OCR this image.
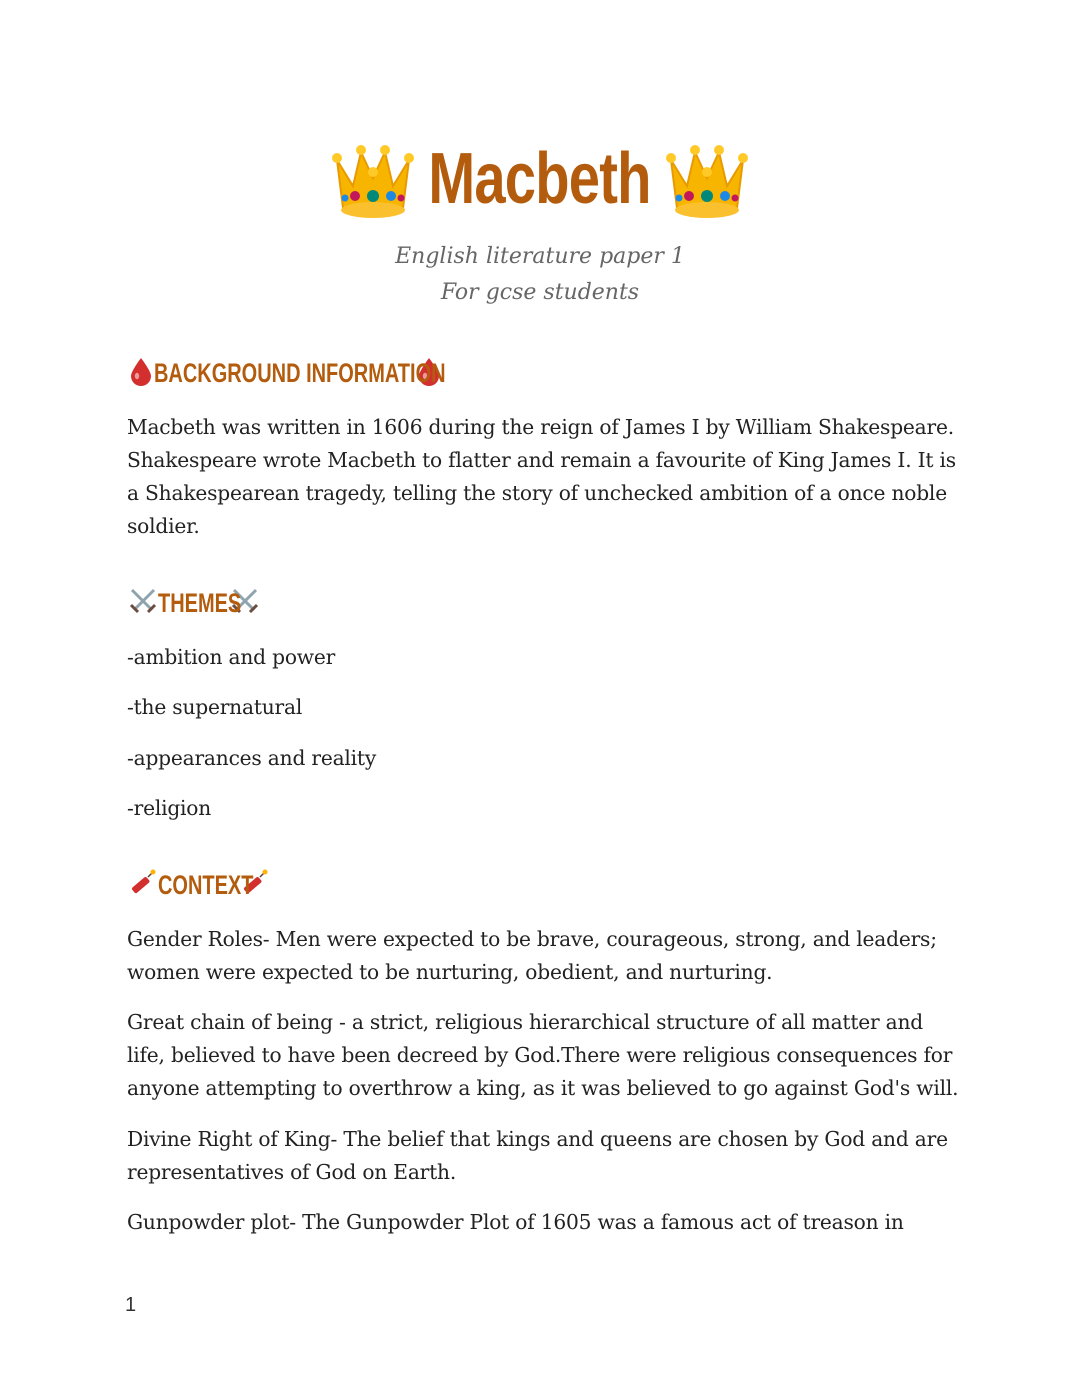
Macbeth
English literature paper 1
For gcse students
BACKGROUND INFORMATION

Macbeth was written in 1606 during the reign of James I by William Shakespeare.
Shakespeare wrote Macbeth to flatter and remain a favourite of King James I. It is
a Shakespearean tragedy, telling the story of unchecked ambition of a once noble
soldier.

THEMES
-ambition and power
-the supernatural
-appearances and reality
-religion
CONTEXT

Gender Roles- Men were expected to be brave, courageous, strong, and leaders;
women were expected to be nurturing, obedient, and nurturing.

Great chain of being - a strict, religious hierarchical structure of all matter and
life, believed to have been decreed by God.There were religious consequences for
anyone attempting to overthrow a king, as it was believed to go against God's will.

Divine Right of King- The belief that kings and queens are chosen by God and are
representatives of God on Earth.

Gunpowder plot- The Gunpowder Plot of 1605 was a famous act of treason in

1
